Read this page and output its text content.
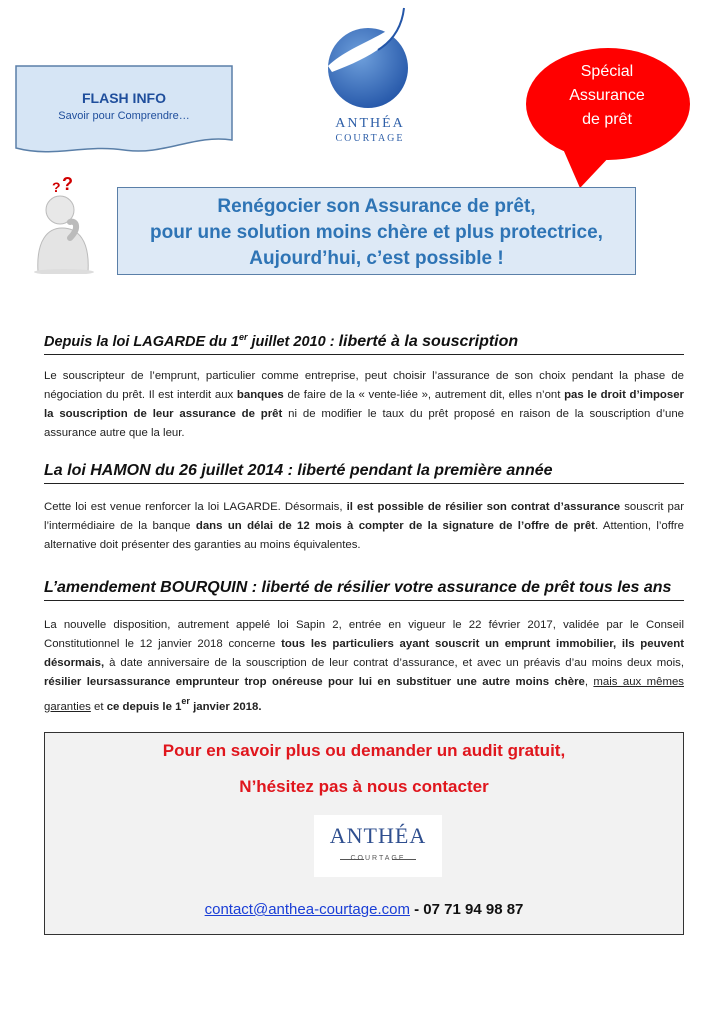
FLASH INFO
Savoir pour Comprendre…	ANTHÉA
COURTAGE
Spécial
Assurance
de prêt
? ?
Renégocier son Assurance de prêt,
pour une solution moins chère et plus protectrice,
Aujourd’hui, c’est possible !
Depuis la loi LAGARDE du 1er juillet 2010 : liberté à la souscription
Le souscripteur de l’emprunt, particulier comme entreprise, peut choisir l’assurance de son choix pendant la phase de négociation du prêt. Il est interdit aux banques de faire de la « vente-liée », autrement dit, elles n’ont pas le droit d’imposer la souscription de leur assurance de prêt ni de modifier le taux du prêt proposé en raison de la souscription d’une assurance autre que la leur.
La loi HAMON du 26 juillet 2014 : liberté pendant la première année
Cette loi est venue renforcer la loi LAGARDE. Désormais, il est possible de résilier son contrat d’assurance souscrit par l’intermédiaire de la banque dans un délai de 12 mois à compter de la signature de l’offre de prêt. Attention, l’offre alternative doit présenter des garanties au moins équivalentes.
L’amendement BOURQUIN : liberté de résilier votre assurance de prêt tous les ans
La nouvelle disposition, autrement appelé loi Sapin 2, entrée en vigueur le 22 février 2017, validée par le Conseil Constitutionnel le 12 janvier 2018 concerne tous les particuliers ayant souscrit un emprunt immobilier, ils peuvent désormais, à date anniversaire de la souscription de leur contrat d’assurance, et avec un préavis d’au moins deux mois, résilier leursassurance emprunteur trop onéreuse pour lui en substituer une autre moins chère, mais aux mêmes garanties et ce depuis le 1er janvier 2018.
Pour en savoir plus ou demander un audit gratuit,
N’hésitez pas à nous contacter
ANTHÉA
COURTAGE
contact@anthea-courtage.com - 07 71 94 98 87
